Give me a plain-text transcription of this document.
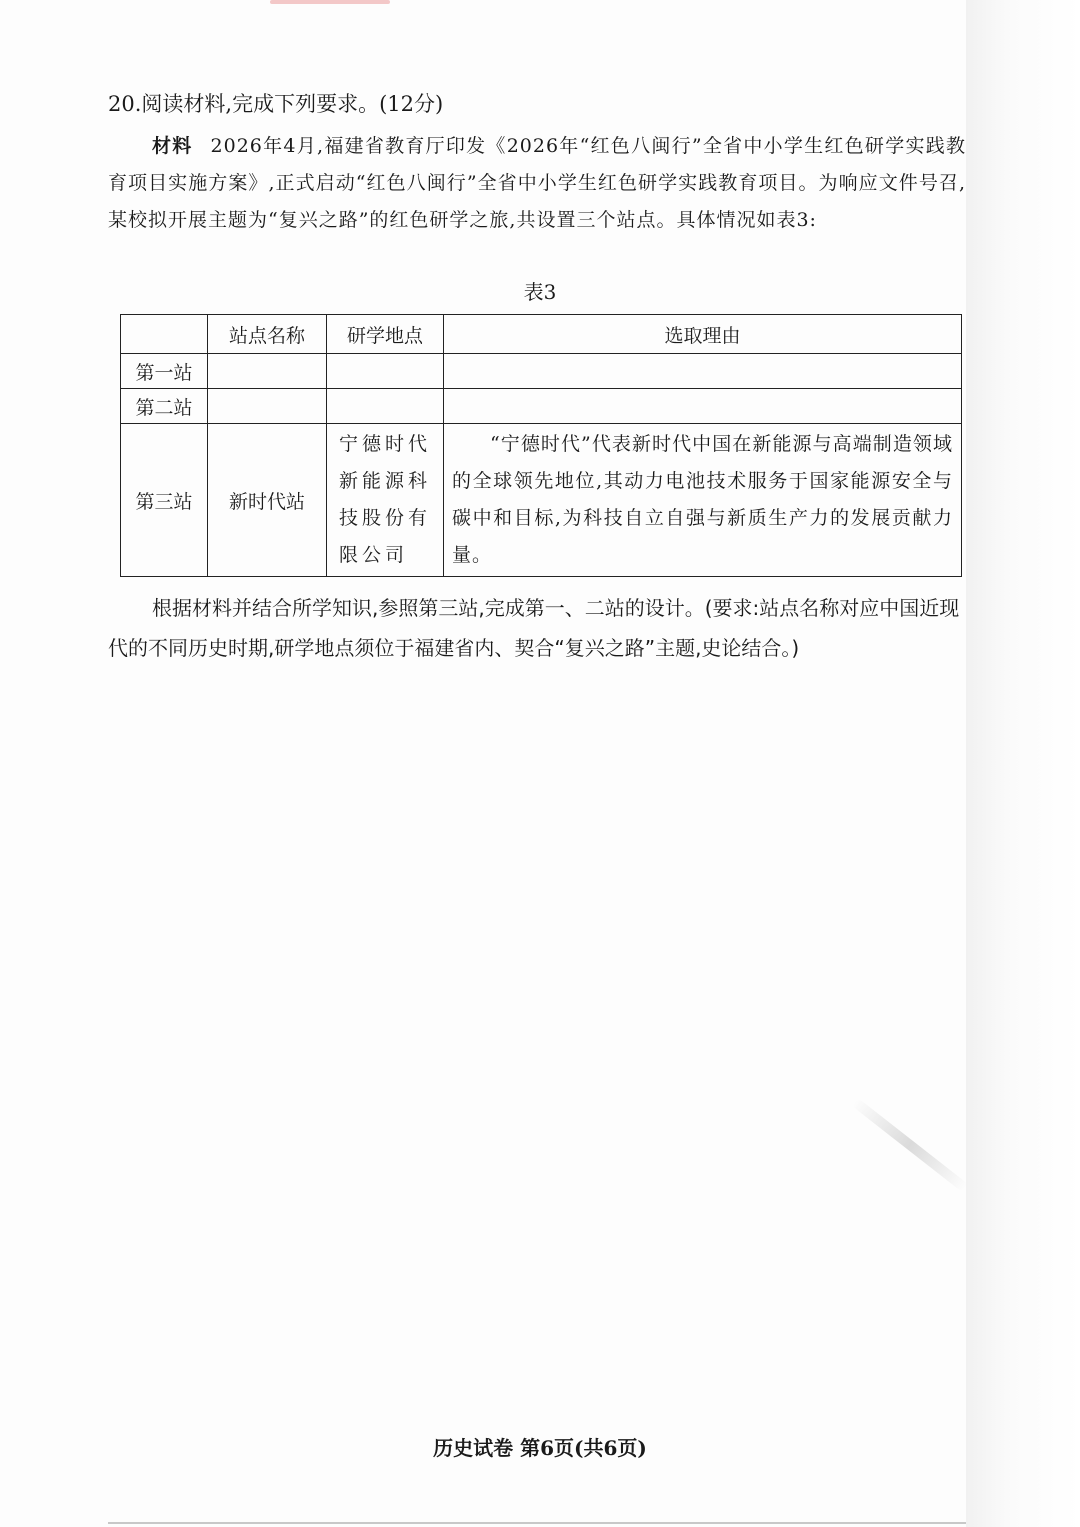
20.阅读材料,完成下列要求。(12分)
材料 2026年4月,福建省教育厅印发《2026年“红色八闽行”全省中小学生红色研学实践教育项目实施方案》,正式启动“红色八闽行”全省中小学生红色研学实践教育项目。为响应文件号召,某校拟开展主题为“复兴之路”的红色研学之旅,共设置三个站点。具体情况如表3:
表3
	站点名称	研学地点	选取理由
第一站			
第二站			
第三站	新时代站	宁德时代新能源科技股份有限公司	“宁德时代”代表新时代中国在新能源与高端制造领域的全球领先地位,其动力电池技术服务于国家能源安全与碳中和目标,为科技自立自强与新质生产力的发展贡献力量。
根据材料并结合所学知识,参照第三站,完成第一、二站的设计。(要求:站点名称对应中国近现代的不同历史时期,研学地点须位于福建省内、契合“复兴之路”主题,史论结合。)
历史试卷 第6页(共6页)
